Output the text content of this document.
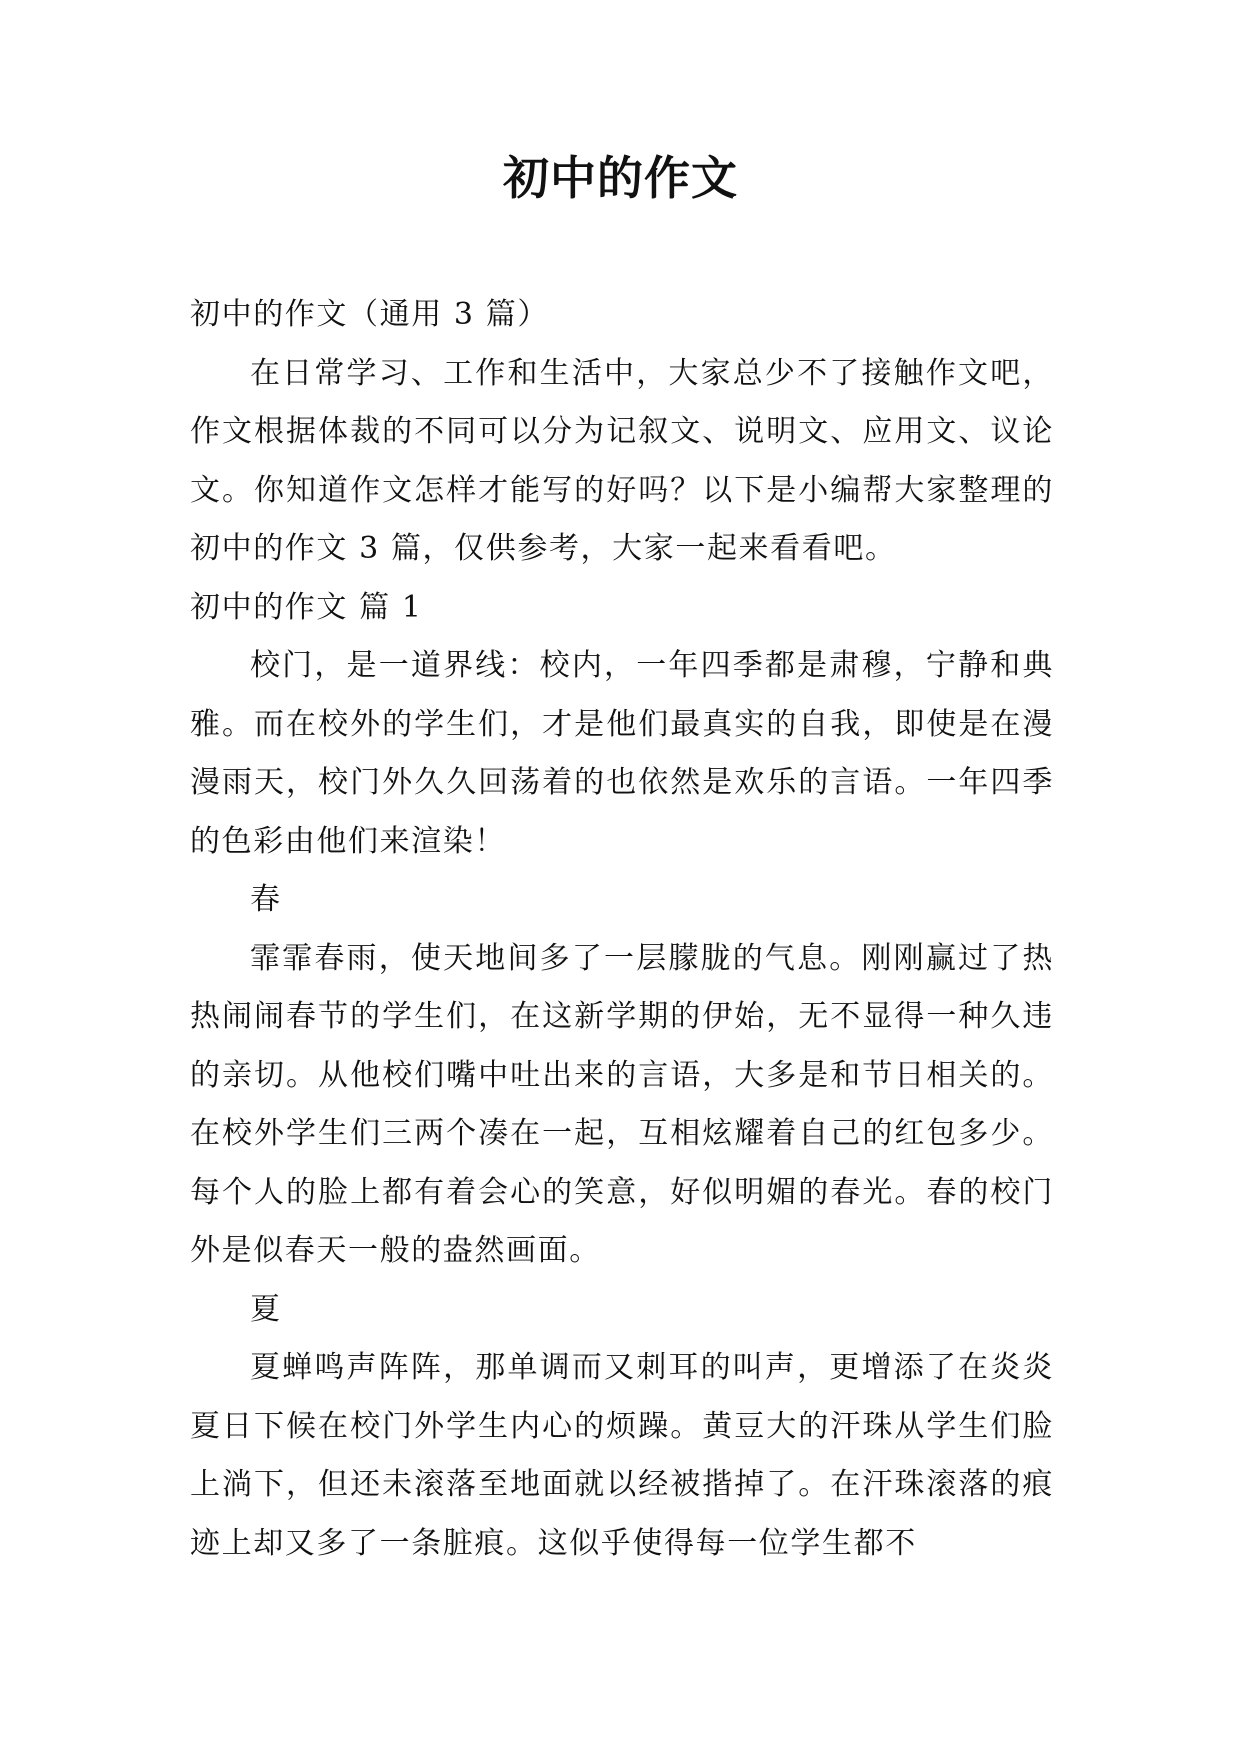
初中的作文

初中的作文（通用 3 篇）

在日常学习、工作和生活中，大家总少不了接触作文吧，作文根据体裁的不同可以分为记叙文、说明文、应用文、议论文。你知道作文怎样才能写的好吗？以下是小编帮大家整理的初中的作文 3 篇，仅供参考，大家一起来看看吧。

初中的作文 篇 1

校门，是一道界线：校内，一年四季都是肃穆，宁静和典雅。而在校外的学生们，才是他们最真实的自我，即使是在漫漫雨天，校门外久久回荡着的也依然是欢乐的言语。一年四季的色彩由他们来渲染！

春

霏霏春雨，使天地间多了一层朦胧的气息。刚刚赢过了热热闹闹春节的学生们，在这新学期的伊始，无不显得一种久违的亲切。从他校们嘴中吐出来的言语，大多是和节日相关的。在校外学生们三两个凑在一起，互相炫耀着自己的红包多少。每个人的脸上都有着会心的笑意，好似明媚的春光。春的校门外是似春天一般的盎然画面。

夏

夏蝉鸣声阵阵，那单调而又刺耳的叫声，更增添了在炎炎夏日下候在校门外学生内心的烦躁。黄豆大的汗珠从学生们脸上淌下，但还未滚落至地面就以经被揩掉了。在汗珠滚落的痕迹上却又多了一条脏痕。这似乎使得每一位学生都不
